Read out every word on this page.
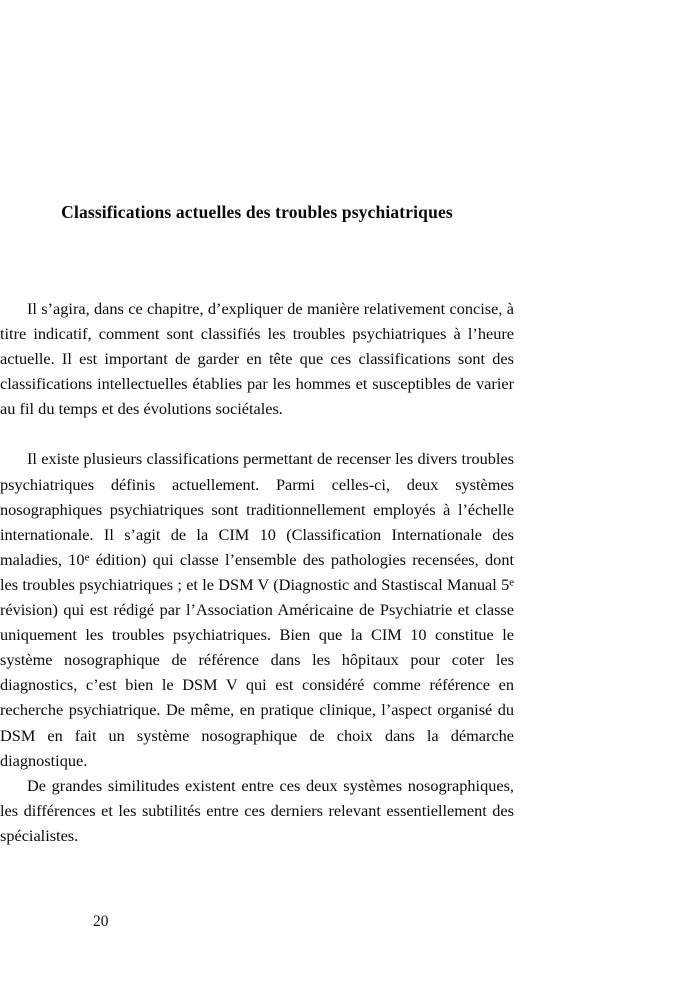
Classifications actuelles des troubles psychiatriques

Il s’agira, dans ce chapitre, d’expliquer de manière relativement concise, à titre indicatif, comment sont classifiés les troubles psychiatriques à l’heure actuelle. Il est important de garder en tête que ces classifications sont des classifications intellectuelles établies par les hommes et susceptibles de varier au fil du temps et des évolutions sociétales.

Il existe plusieurs classifications permettant de recenser les divers troubles psychiatriques définis actuellement. Parmi celles-ci, deux systèmes nosographiques psychiatriques sont traditionnellement employés à l’échelle internationale. Il s’agit de la CIM 10 (Classification Internationale des maladies, 10e édition) qui classe l’ensemble des pathologies recensées, dont les troubles psychiatriques ; et le DSM V (Diagnostic and Stastiscal Manual 5e révision) qui est rédigé par l’Association Américaine de Psychiatrie et classe uniquement les troubles psychiatriques. Bien que la CIM 10 constitue le système nosographique de référence dans les hôpitaux pour coter les diagnostics, c’est bien le DSM V qui est considéré comme référence en recherche psychiatrique. De même, en pratique clinique, l’aspect organisé du DSM en fait un système nosographique de choix dans la démarche diagnostique.

De grandes similitudes existent entre ces deux systèmes nosographiques, les différences et les subtilités entre ces derniers relevant essentiellement des spécialistes.

20
